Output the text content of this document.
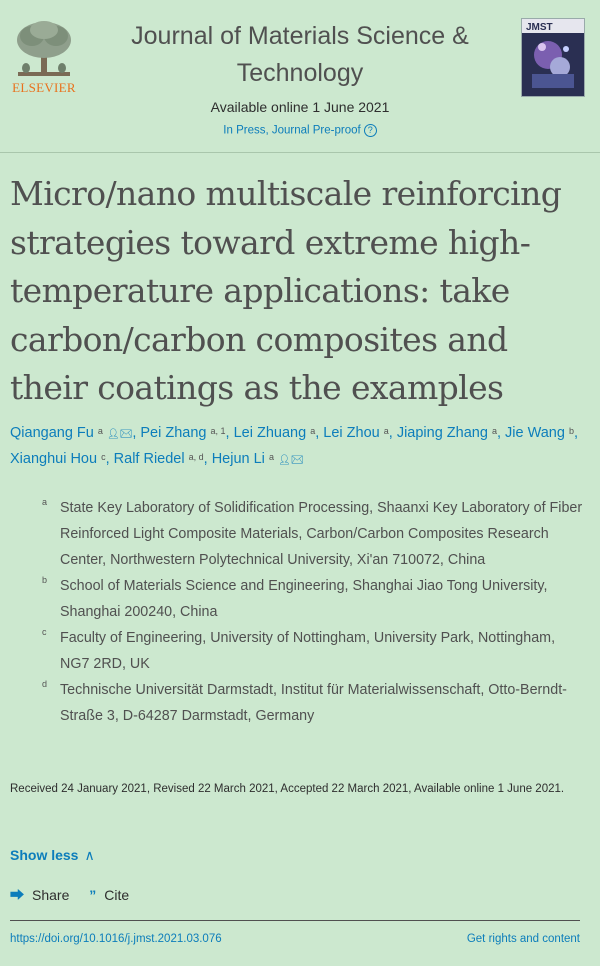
ELSEVIER
Journal of Materials Science & Technology
Available online 1 June 2021
In Press, Journal Pre-proof ?
JMST
Micro/nano multiscale reinforcing strategies toward extreme high-temperature applications: take carbon/carbon composites and their coatings as the examples
Qiangang Fu $^a$ 👤︎✉︎, Pei Zhang $^{a, 1}$, Lei Zhuang $^a$, Lei Zhou $^a$, Jiaping Zhang $^a$, Jie Wang $^b$, Xianghui Hou $^c$, Ralf Riedel $^{a, d}$, Hejun Li $^a$ 👤︎✉︎
a State Key Laboratory of Solidification Processing, Shaanxi Key Laboratory of Fiber Reinforced Light Composite Materials, Carbon/Carbon Composites Research Center, Northwestern Polytechnical University, Xi'an 710072, China
b School of Materials Science and Engineering, Shanghai Jiao Tong University, Shanghai 200240, China
c Faculty of Engineering, University of Nottingham, University Park, Nottingham, NG7 2RD, UK
d Technische Universität Darmstadt, Institut für Materialwissenschaft, Otto-Berndt-Straße 3, D-64287 Darmstadt, Germany
Received 24 January 2021, Revised 22 March 2021, Accepted 22 March 2021, Available online 1 June 2021.
Show less ∧
⮕︎ Share ” Cite
https://doi.org/10.1016/j.jmst.2021.03.076	Get rights and content
